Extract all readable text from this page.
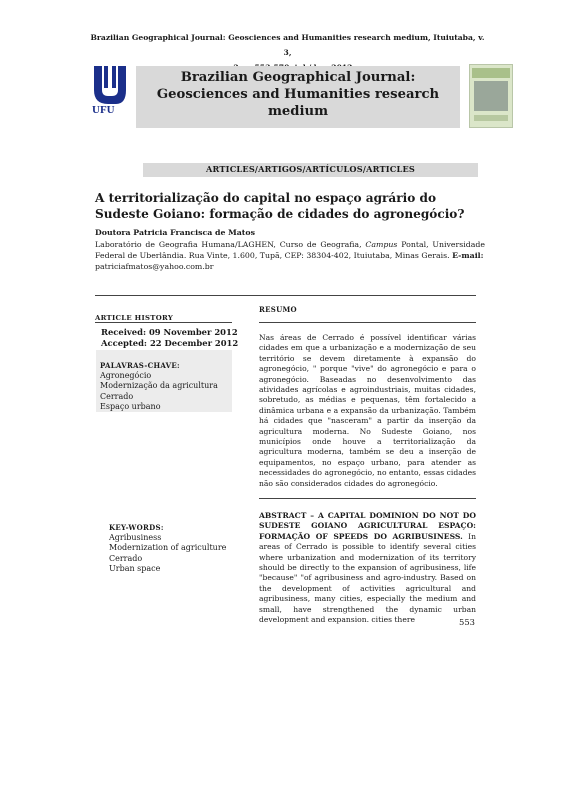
Brazilian Geographical Journal: Geosciences and Humanities research medium, Ituiutaba, v. 3,
UFU
Brazilian Geographical Journal:
Geosciences and Humanities research
medium
ARTICLES/ARTIGOS/ARTÍCULOS/ARTICLES
A territorialização do capital no espaço agrário do Sudeste Goiano: formação de cidades do agronegócio?
Doutora Patricia Francisca de Matos
Laboratório de Geografia Humana/LAGHEN, Curso de Geografia, Campus Pontal, Universidade Federal de Uberlândia. Rua Vinte, 1.600, Tupã, CEP: 38304-402, Ituiutaba, Minas Gerais. E-mail:
patriciafmatos@yahoo.com.br
ARTICLE HISTORY
Received: 09 November 2012
Accepted: 22 December 2012
PALAVRAS-CHAVE:
Agronegócio
Modernização da agricultura
Cerrado
Espaço urbano
RESUMO
Nas áreas de Cerrado é possível identificar várias cidades em que a urbanização e a modernização de seu território se devem diretamente à expansão do agronegócio, " porque "vive" do agronegócio e para o agronegócio. Baseadas no desenvolvimento das atividades agrícolas e agroindustriais, muitas cidades, sobretudo, as médias e pequenas, têm fortalecido a dinâmica urbana e a expansão da urbanização. Também há cidades que "nasceram" a partir da inserção da agricultura moderna. No Sudeste Goiano, nos municípios onde houve a territorialização da agricultura moderna, também se deu a inserção de equipamentos, no espaço urbano, para atender as necessidades do agronegócio, no entanto, essas cidades não são considerados cidades do agronegócio.
KEY-WORDS:
Agribusiness
Modernization of agriculture
Cerrado
Urban space
ABSTRACT – A CAPITAL DOMINION DO NOT DO SUDESTE GOIANO AGRICULTURAL ESPAÇO: FORMAÇÃO OF SPEEDS DO AGRIBUSINESS. In areas of Cerrado is possible to identify several cities where urbanization and modernization of its territory should be directly to the expansion of agribusiness, life "because" "of agribusiness and agro-industry. Based on the development of activities agricultural and agribusiness, many cities, especially the medium and small, have strengthened the dynamic urban development and expansion. cities there	553
